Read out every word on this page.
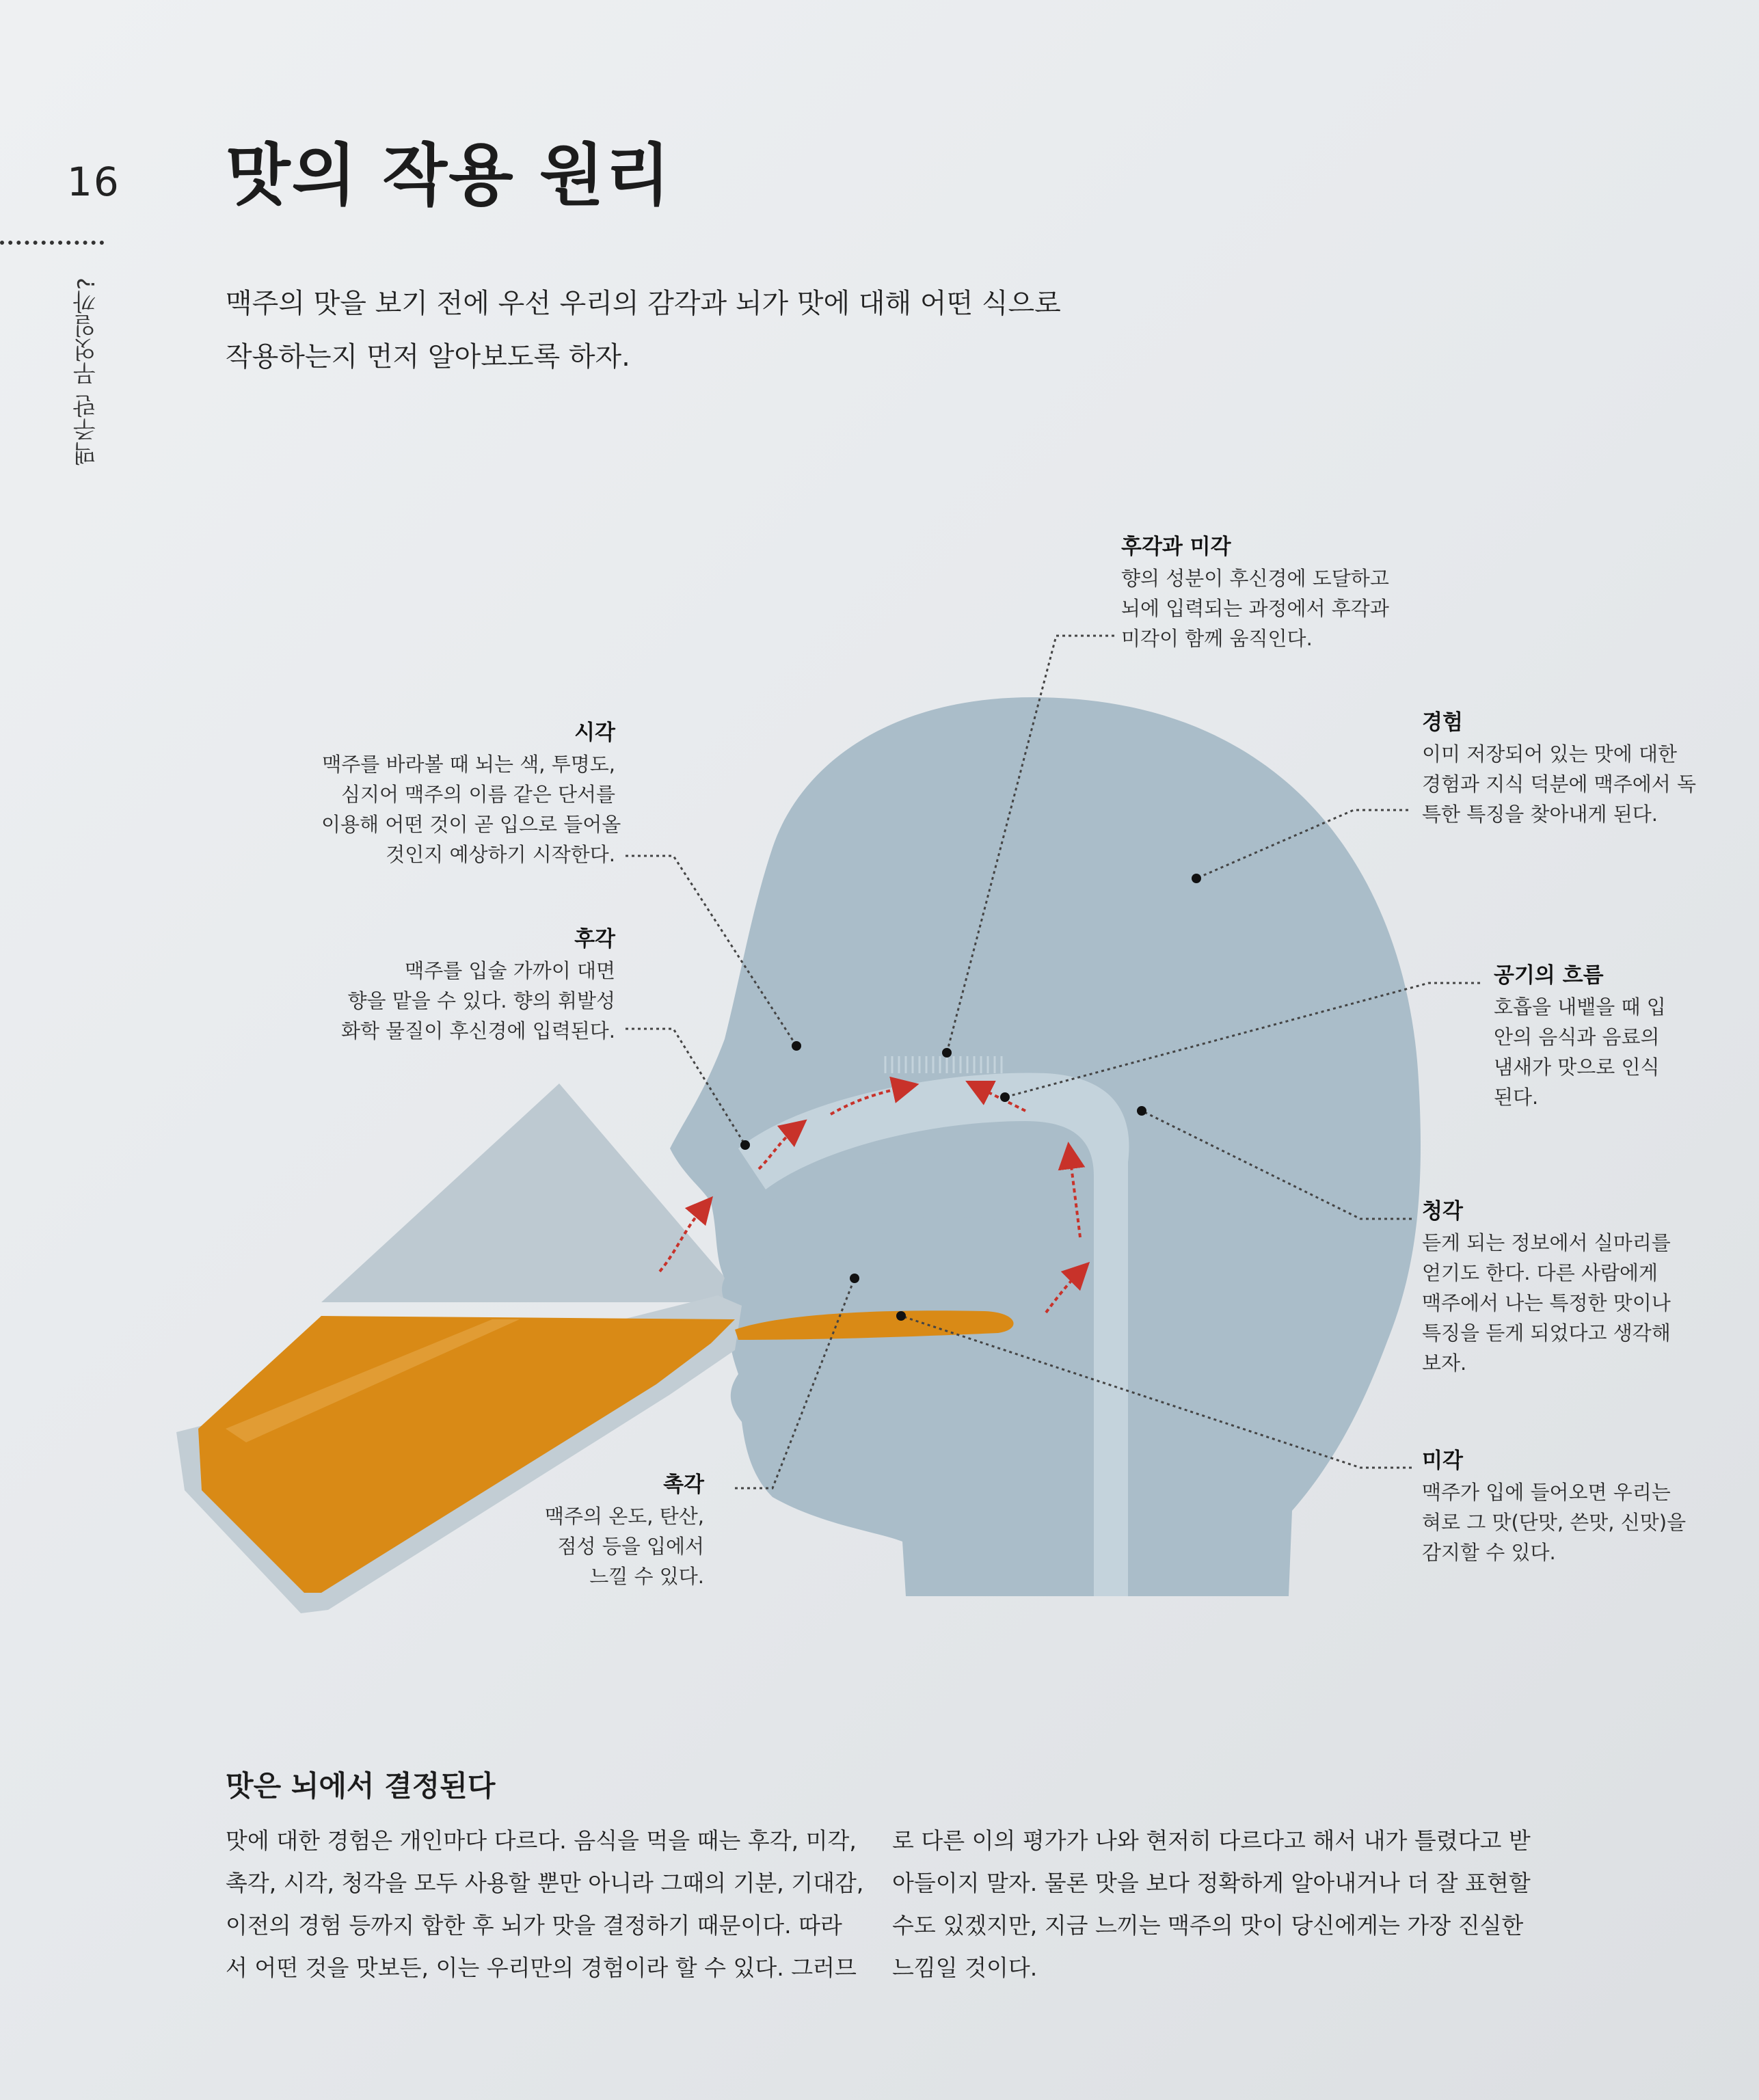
16
맥주란 무엇일까?
맛의 작용 원리
맥주의 맛을 보기 전에 우선 우리의 감각과 뇌가 맛에 대해 어떤 식으로
작용하는지 먼저 알아보도록 하자.
후각과 미각

향의 성분이 후신경에 도달하고

뇌에 입력되는 과정에서 후각과

미각이 함께 움직인다.

시각

맥주를 바라볼 때 뇌는 색, 투명도,

심지어 맥주의 이름 같은 단서를

이용해 어떤 것이 곧 입으로 들어올

것인지 예상하기 시작한다.

경험

이미 저장되어 있는 맛에 대한

경험과 지식 덕분에 맥주에서 독

특한 특징을 찾아내게 된다.

후각

맥주를 입술 가까이 대면

향을 맡을 수 있다. 향의 휘발성

화학 물질이 후신경에 입력된다.

공기의 흐름

호흡을 내뱉을 때 입

안의 음식과 음료의

냄새가 맛으로 인식

된다.

청각

듣게 되는 정보에서 실마리를

얻기도 한다. 다른 사람에게

맥주에서 나는 특정한 맛이나

특징을 듣게 되었다고 생각해

보자.

촉각

맥주의 온도, 탄산,

점성 등을 입에서

느낄 수 있다.

미각

맥주가 입에 들어오면 우리는

혀로 그 맛(단맛, 쓴맛, 신맛)을

감지할 수 있다.

맛은 뇌에서 결정된다
맛에 대한 경험은 개인마다 다르다. 음식을 먹을 때는 후각, 미각,
촉각, 시각, 청각을 모두 사용할 뿐만 아니라 그때의 기분, 기대감,
이전의 경험 등까지 합한 후 뇌가 맛을 결정하기 때문이다. 따라
서 어떤 것을 맛보든, 이는 우리만의 경험이라 할 수 있다. 그러므
로 다른 이의 평가가 나와 현저히 다르다고 해서 내가 틀렸다고 받
아들이지 말자. 물론 맛을 보다 정확하게 알아내거나 더 잘 표현할
수도 있겠지만, 지금 느끼는 맥주의 맛이 당신에게는 가장 진실한
느낌일 것이다.
